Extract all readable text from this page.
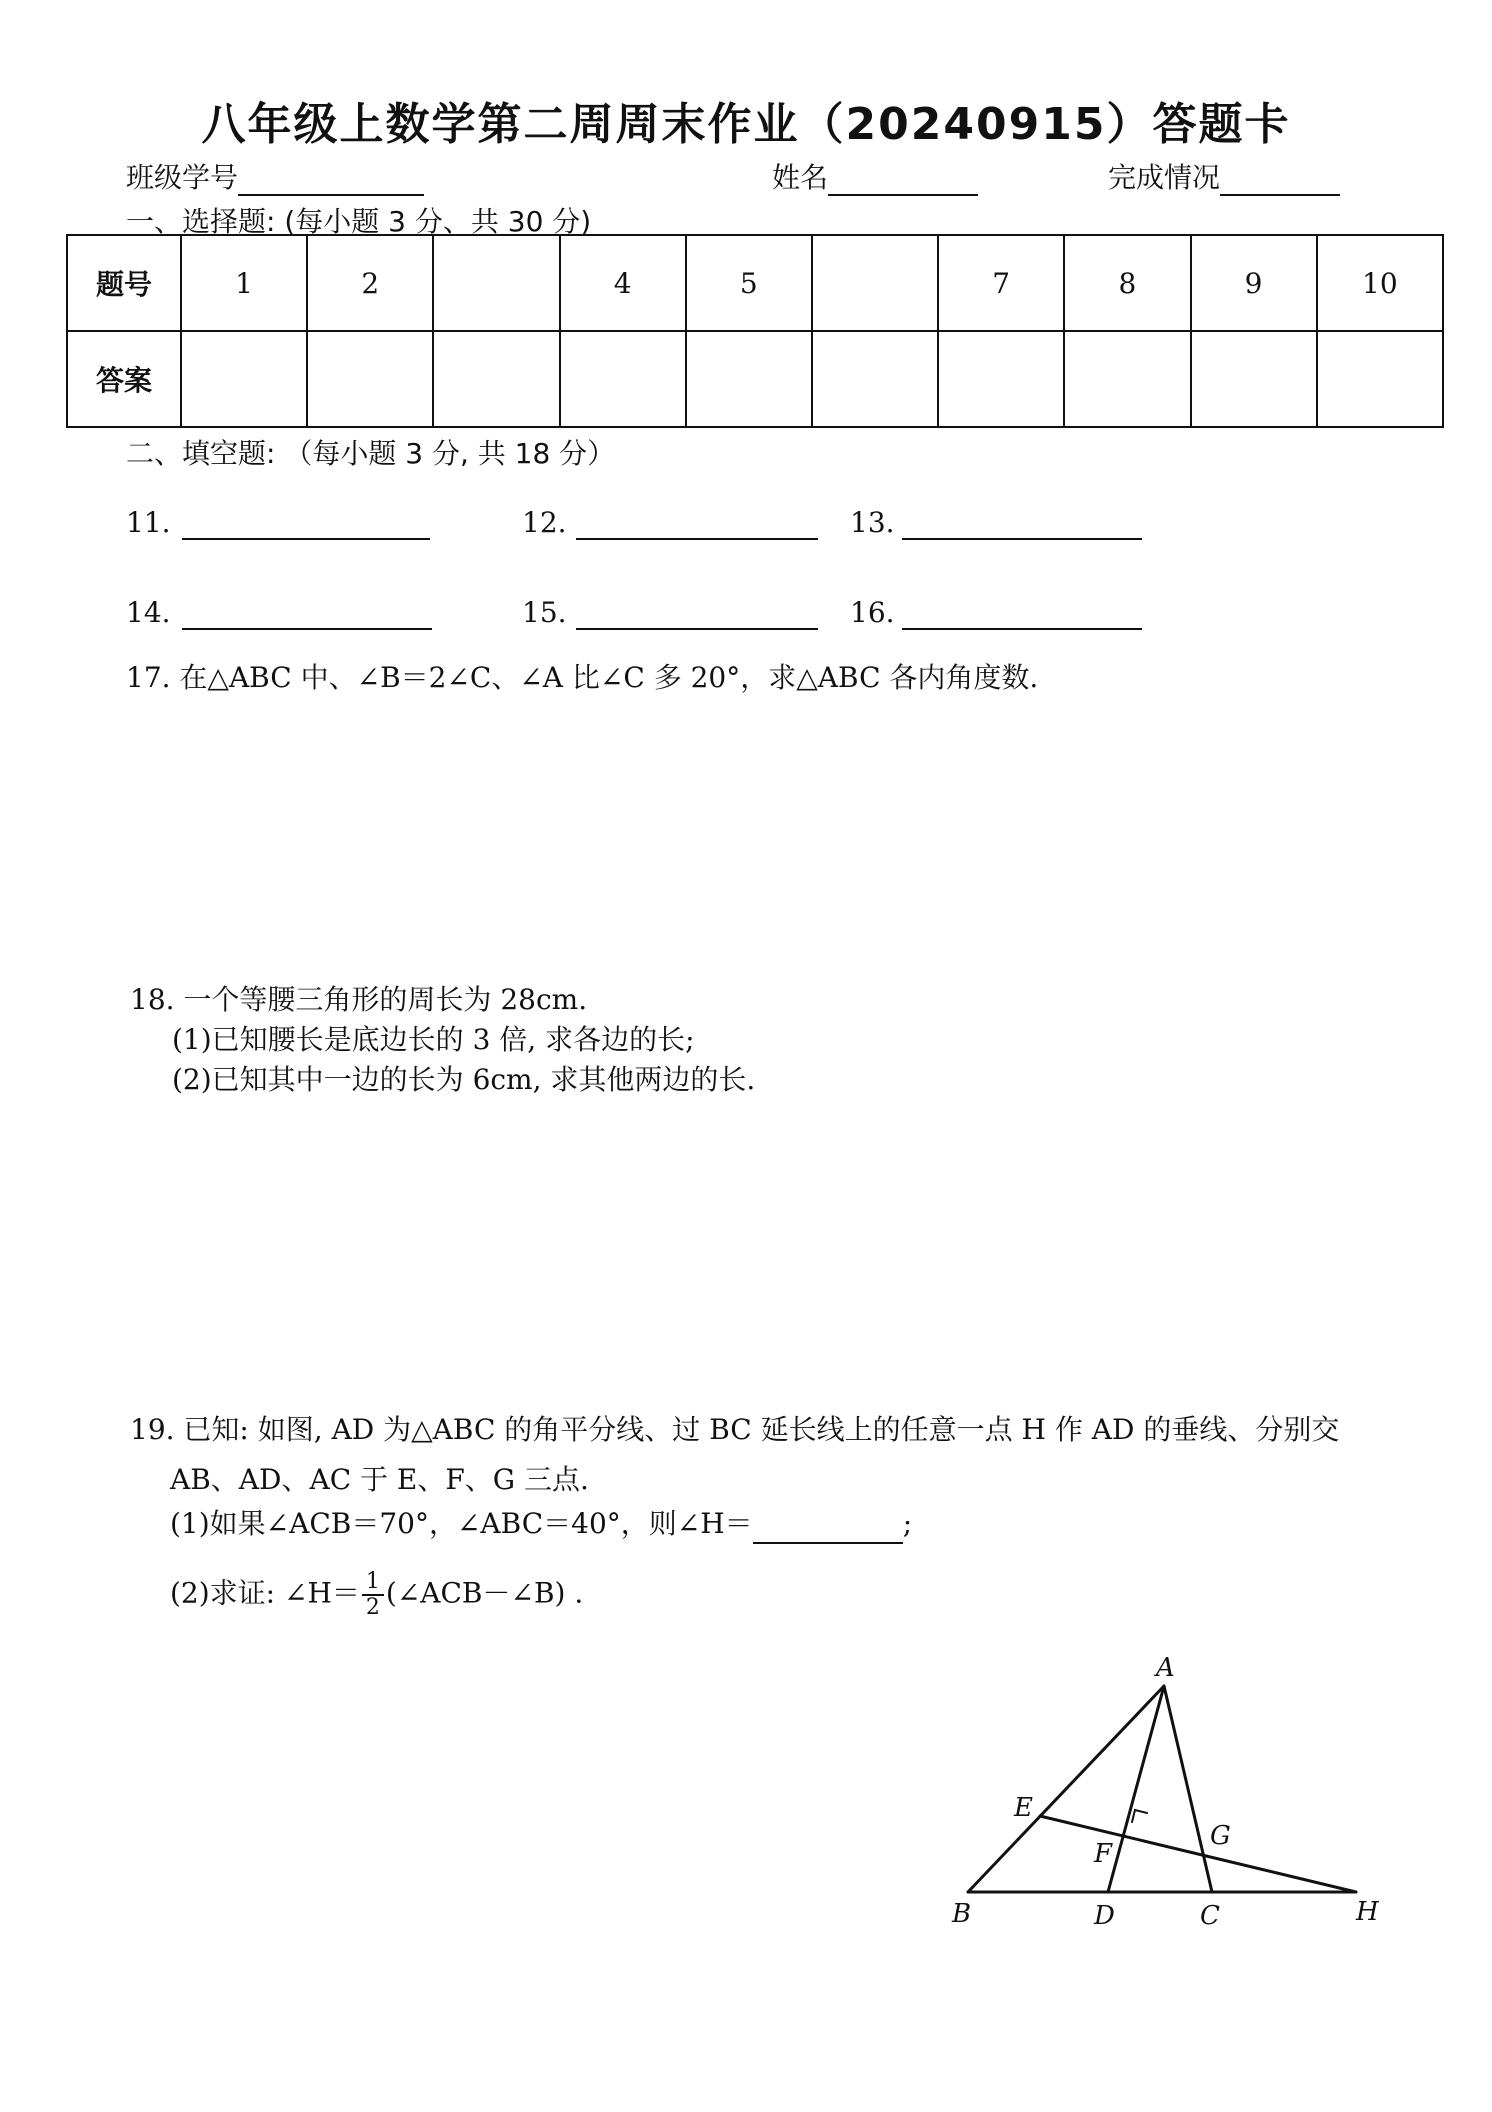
八年级上数学第二周周末作业（20240915）答题卡
班级学号	姓名	完成情况
一、选择题: (每小题 3 分、共 30 分)
题号	1	2		4	5		7	8	9	10
答案										
二、填空题: （每小题 3 分, 共 18 分）
11.	12.	13.
14.	15.	16.
17. 在△ABC 中、∠B＝2∠C、∠A 比∠C 多 20°，求△ABC 各内角度数.
18. 一个等腰三角形的周长为 28cm.
(1)已知腰长是底边长的 3 倍, 求各边的长;
(2)已知其中一边的长为 6cm, 求其他两边的长.
19. 已知: 如图, AD 为△ABC 的角平分线、过 BC 延长线上的任意一点 H 作 AD 的垂线、分别交
AB、AD、AC 于 E、F、G 三点.
(1)如果∠ACB＝70°，∠ABC＝40°，则∠H＝	;
(2)求证: ∠H＝ $\frac{1}{2}$ (∠ACB－∠B) .
A
E
F
G
B	D	C	H
